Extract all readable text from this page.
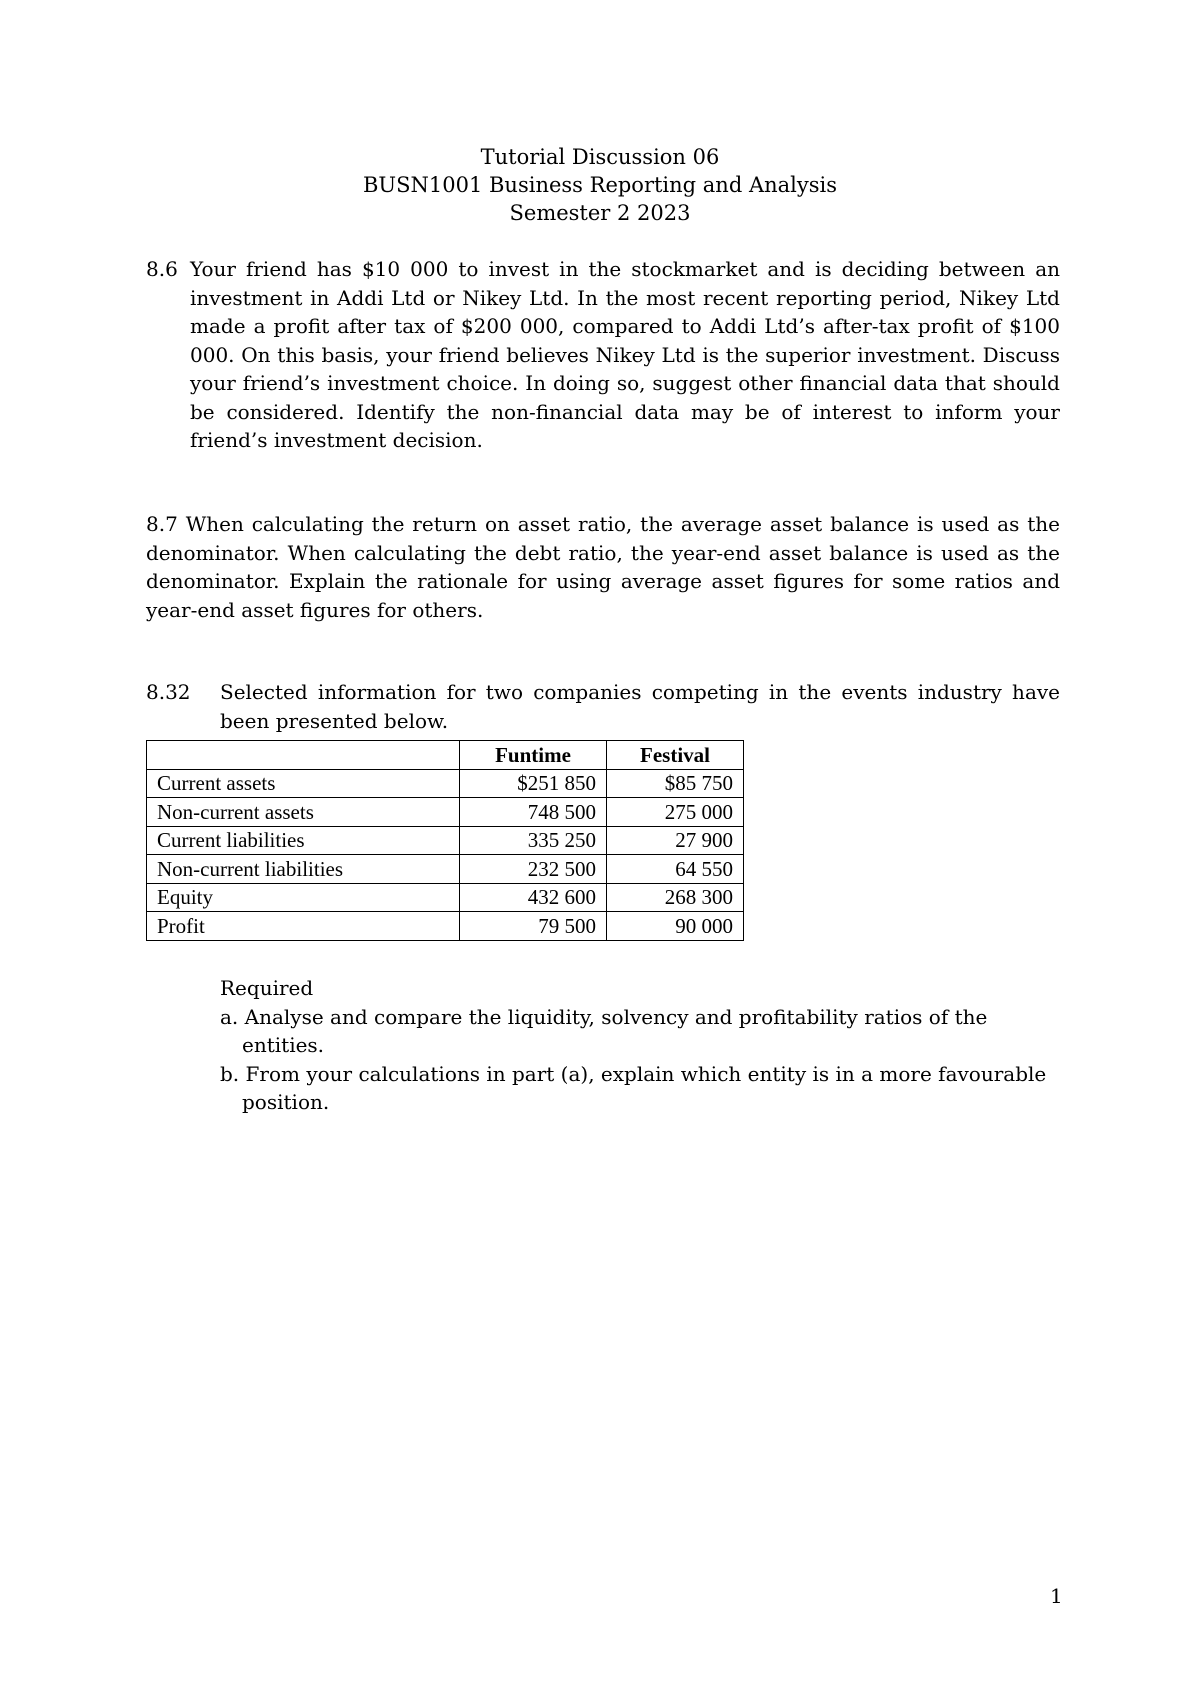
Tutorial Discussion 06
BUSN1001 Business Reporting and Analysis
Semester 2 2023
8.6 Your friend has $10 000 to invest in the stockmarket and is deciding between an investment in Addi Ltd or Nikey Ltd. In the most recent reporting period, Nikey Ltd made a profit after tax of $200 000, compared to Addi Ltd’s after-tax profit of $100 000. On this basis, your friend believes Nikey Ltd is the superior investment. Discuss your friend’s investment choice. In doing so, suggest other financial data that should be considered. Identify the non-financial data may be of interest to inform your friend’s investment decision.
8.7 When calculating the return on asset ratio, the average asset balance is used as the denominator. When calculating the debt ratio, the year-end asset balance is used as the denominator. Explain the rationale for using average asset figures for some ratios and year-end asset figures for others.
8.32 Selected information for two companies competing in the events industry have been presented below.
	Funtime	Festival
Current assets	$251 850	$85 750
Non-current assets	748 500	275 000
Current liabilities	335 250	27 900
Non-current liabilities	232 500	64 550
Equity	432 600	268 300
Profit	79 500	90 000
Required
a. Analyse and compare the liquidity, solvency and profitability ratios of the entities.
b. From your calculations in part (a), explain which entity is in a more favourable position.
1
